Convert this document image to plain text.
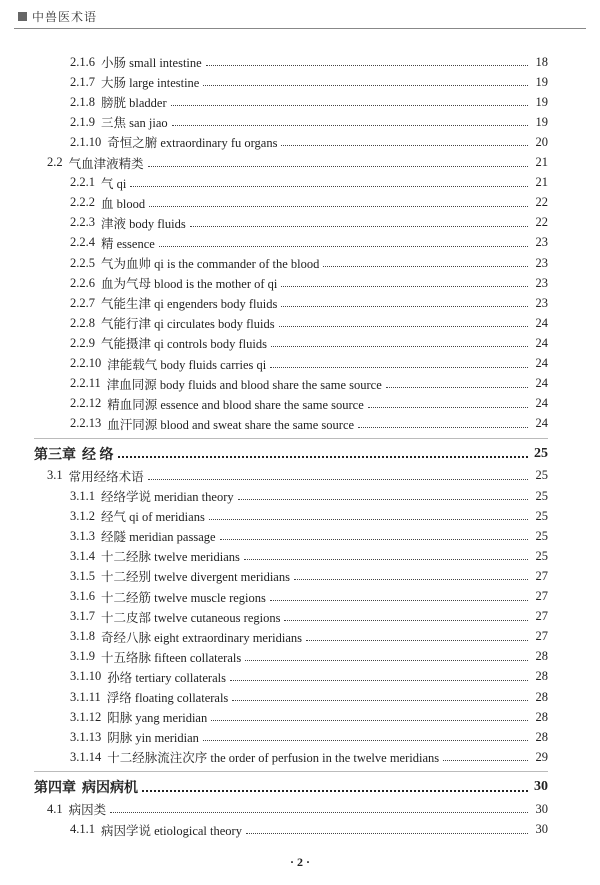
中兽医术语
2.1.6 小肠 small intestine	18
2.1.7 大肠 large intestine	19
2.1.8 膀胱 bladder	19
2.1.9 三焦 san jiao	19
2.1.10 奇恒之腑 extraordinary fu organs	20
2.2 气血津液精类	21
2.2.1 气 qi	21
2.2.2 血 blood	22
2.2.3 津液 body fluids	22
2.2.4 精 essence	23
2.2.5 气为血帅 qi is the commander of the blood	23
2.2.6 血为气母 blood is the mother of qi	23
2.2.7 气能生津 qi engenders body fluids	23
2.2.8 气能行津 qi circulates body fluids	24
2.2.9 气能摄津 qi controls body fluids	24
2.2.10 津能载气 body fluids carries qi	24
2.2.11 津血同源 body fluids and blood share the same source	24
2.2.12 精血同源 essence and blood share the same source	24
2.2.13 血汗同源 blood and sweat share the same source	24
第三章 经 络	25
3.1 常用经络术语	25
3.1.1 经络学说 meridian theory	25
3.1.2 经气 qi of meridians	25
3.1.3 经隧 meridian passage	25
3.1.4 十二经脉 twelve meridians	25
3.1.5 十二经别 twelve divergent meridians	27
3.1.6 十二经筋 twelve muscle regions	27
3.1.7 十二皮部 twelve cutaneous regions	27
3.1.8 奇经八脉 eight extraordinary meridians	27
3.1.9 十五络脉 fifteen collaterals	28
3.1.10 孙络 tertiary collaterals	28
3.1.11 浮络 floating collaterals	28
3.1.12 阳脉 yang meridian	28
3.1.13 阴脉 yin meridian	28
3.1.14 十二经脉流注次序 the order of perfusion in the twelve meridians	29
第四章 病因病机	30
4.1 病因类	30
4.1.1 病因学说 etiological theory	30
· 2 ·
